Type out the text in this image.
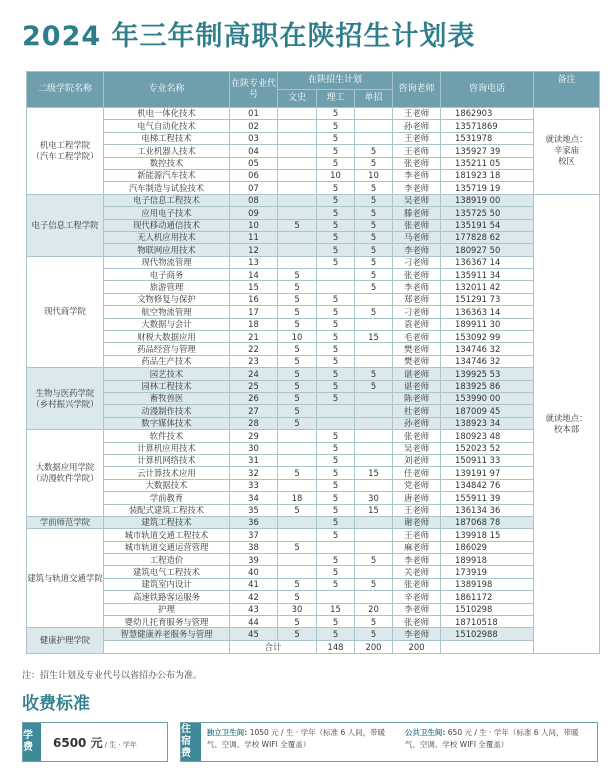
2024 年三年制高职在陕招生计划表
二级学院名称	专业名称	在陕专业代号	在陕招生计划			咨询老师	咨询电话	备注
			文史	理工	单招			
机电工程学院
（汽车工程学院）	机电一体化技术	01		5		王老师	1862903	就读地点：
辛家庙
校区
	电气自动化技术	02		5		孙老师	13571869	
	电梯工程技术	03		5		王老师	1531978	
	工业机器人技术	04		5	5	王老师	135927 39	
	数控技术	05		5	5	张老师	135211 05	
	新能源汽车技术	06		10	10	李老师	181923 18	
	汽车制造与试验技术	07		5	5	李老师	135719 19	
电子信息工程学院	电子信息工程技术	08		5	5	吴老师	138919 00	就读地点：
校本部
	应用电子技术	09		5	5	滕老师	135725 50	
	现代移动通信技术	10	5	5	5	张老师	135191 54	
	无人机应用技术	11		5	5	马老师	177828 62	
	物联网应用技术	12		5	5	李老师	180927 50	
现代商学院	现代物流管理	13		5	5	刁老师	136367 14	
	电子商务	14	5		5	张老师	135911 34	
	旅游管理	15	5		5	李老师	132011 42	
	文物修复与保护	16	5	5		郑老师	151291 73	
	航空物流管理	17	5	5	5	刁老师	136363 14	
	大数据与会计	18	5	5		袁老师	189911 30	
	财税大数据应用	21	10	5	15	毛老师	153092 99	
	药品经营与管理	22	5	5		樊老师	134746 32	
	药品生产技术	23	5	5		樊老师	134746 32	
生物与医药学院
（乡村振兴学院）	园艺技术	24	5	5	5	谌老师	139925 53	
	园林工程技术	25	5	5	5	谌老师	183925 86	
	畜牧兽医	26	5	5		陈老师	153990 00	
	动漫制作技术	27	5			杜老师	187009 45	
	数字媒体技术	28	5			孙老师	138923 34	
大数据应用学院
（动漫软件学院）	软件技术	29		5		张老师	180923 48	
	计算机应用技术	30		5		吴老师	152023 52	
	计算机网络技术	31		5		刘老师	150911 33	
	云计算技术应用	32	5	5	15	任老师	139191 97	
	大数据技术	33		5		党老师	134842 76	
	学前教育	34	18	5	30	唐老师	155911 39	
	装配式建筑工程技术	35	5	5	15	王老师	136134 36	
学前师范学院	建筑工程技术	36		5		谢老师	187068 78	
建筑与轨道交通学院	城市轨道交通工程技术	37		5		王老师	139918 15	
	城市轨道交通运营管理	38	5			麻老师	186029	
	工程造价	39		5	5	李老师	189918	
	建筑电气工程技术	40		5		关老师	173919	
	建筑室内设计	41	5	5	5	张老师	1389198	
	高速铁路客运服务	42	5			辛老师	1861172	
	护理	43	30	15	20	李老师	1510298	
	婴幼儿托育服务与管理	44	5	5	5	张老师	18710518	
健康护理学院	智慧健康养老服务与管理	45	5	5	5	李老师	15102988	
		合计		148	200	200		
注：招生计划及专业代号以省招办公布为准。
收费标准
学费	6500 元 / 生 · 学年
住宿费
独立卫生间: 1050 元 / 生 · 学年（标准 6 人间，带暖气、空调、学校 WIFI 全覆盖）
公共卫生间: 650 元 / 生 · 学年（标准 6 人间，带暖气、空调、学校 WIFI 全覆盖）
